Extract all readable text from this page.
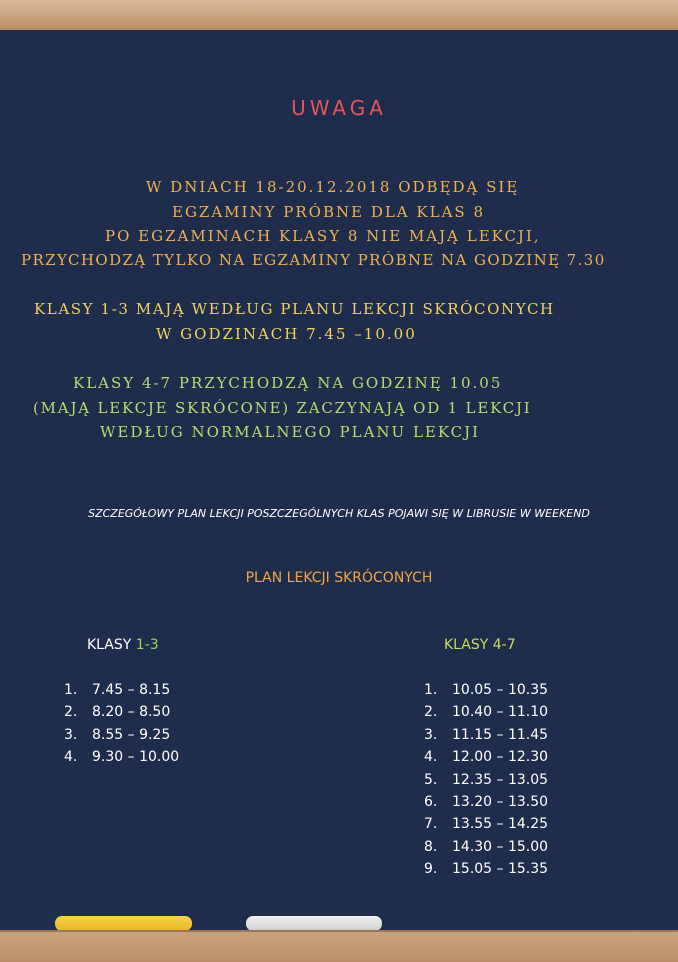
UWAGA
W DNIACH 18-20.12.2018 ODBĘDĄ SIĘ
EGZAMINY PRÓBNE DLA KLAS 8
PO EGZAMINACH KLASY 8 NIE MAJĄ LEKCJI,
PRZYCHODZĄ TYLKO NA EGZAMINY PRÓBNE NA GODZINĘ 7.30
KLASY 1-3 MAJĄ WEDŁUG PLANU LEKCJI SKRÓCONYCH
W GODZINACH 7.45 –10.00
KLASY 4-7 PRZYCHODZĄ NA GODZINĘ 10.05
(MAJĄ LEKCJE SKRÓCONE) ZACZYNAJĄ OD 1 LEKCJI
WEDŁUG NORMALNEGO PLANU LEKCJI
SZCZEGÓŁOWY PLAN LEKCJI POSZCZEGÓLNYCH KLAS POJAWI SIĘ W LIBRUSIE W WEEKEND
PLAN LEKCJI SKRÓCONYCH
KLASY 1-3
1. 7.45 – 8.15
2. 8.20 – 8.50
3. 8.55 – 9.25
4. 9.30 – 10.00
KLASY 4-7
1. 10.05 – 10.35
2. 10.40 – 11.10
3. 11.15 – 11.45
4. 12.00 – 12.30
5. 12.35 – 13.05
6. 13.20 – 13.50
7. 13.55 – 14.25
8. 14.30 – 15.00
9. 15.05 – 15.35
